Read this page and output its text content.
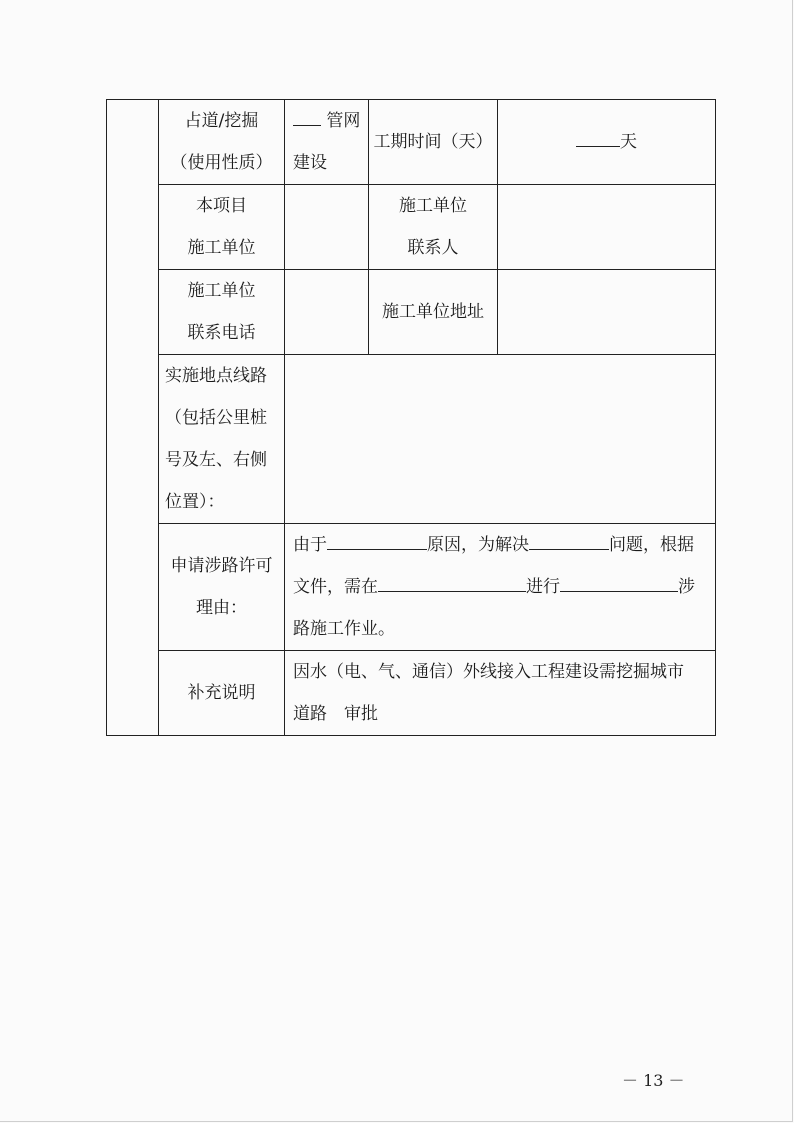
	占道/挖掘
（使用性质）	管网
建设	工期时间（天）	天

	本项目
施工单位		施工单位
联系人	

	施工单位
联系电话		施工单位地址	

	实施地点线路
（包括公里桩
号及左、右侧
位置）：			

	申请涉路许可
理由：	由于 原因，为解决 问题，根据
文件，需在 进行 涉
路施工作业。		

	补充说明	因水（电、气、通信）外线接入工程建设需挖掘城市
道路　审批		
－ 13 －
